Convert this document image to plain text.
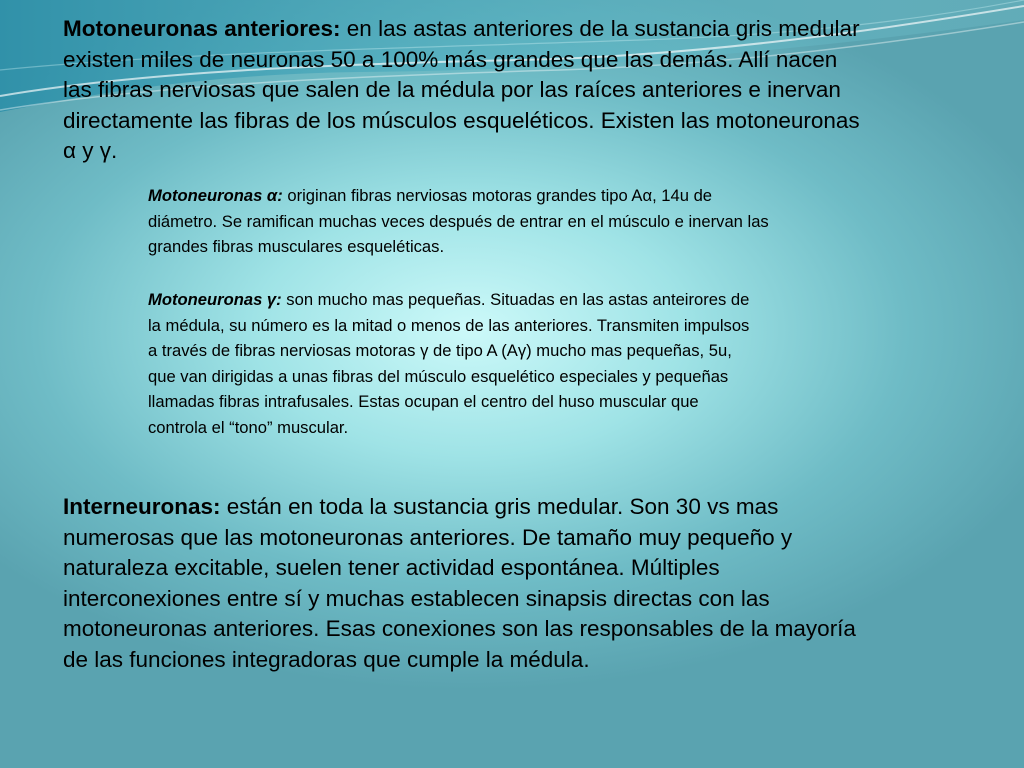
Motoneuronas anteriores: en las astas anteriores de la sustancia gris medular
existen miles de neuronas 50 a 100% más grandes que las demás. Allí nacen
las fibras nerviosas que salen de la médula por las raíces anteriores e inervan
directamente las fibras de los músculos esqueléticos. Existen las motoneuronas
α y γ.
Motoneuronas α: originan fibras nerviosas motoras grandes tipo Aα, 14u de
diámetro. Se ramifican muchas veces después de entrar en el músculo e inervan las
grandes fibras musculares esqueléticas.
Motoneuronas γ: son mucho mas pequeñas. Situadas en las astas anteirores de
la médula, su número es la mitad o menos de las anteriores. Transmiten impulsos
a través de fibras nerviosas motoras γ de tipo A (Aγ) mucho mas pequeñas, 5u,
que van dirigidas a unas fibras del músculo esquelético especiales y pequeñas
llamadas fibras intrafusales. Estas ocupan el centro del huso muscular que
controla el “tono” muscular.
Interneuronas: están en toda la sustancia gris medular. Son 30 vs mas
numerosas que las motoneuronas anteriores. De tamaño muy pequeño y
naturaleza excitable, suelen tener actividad espontánea. Múltiples
interconexiones entre sí y muchas establecen sinapsis directas con las
motoneuronas anteriores. Esas conexiones son las responsables de la mayoría
de las funciones integradoras que cumple la médula.
